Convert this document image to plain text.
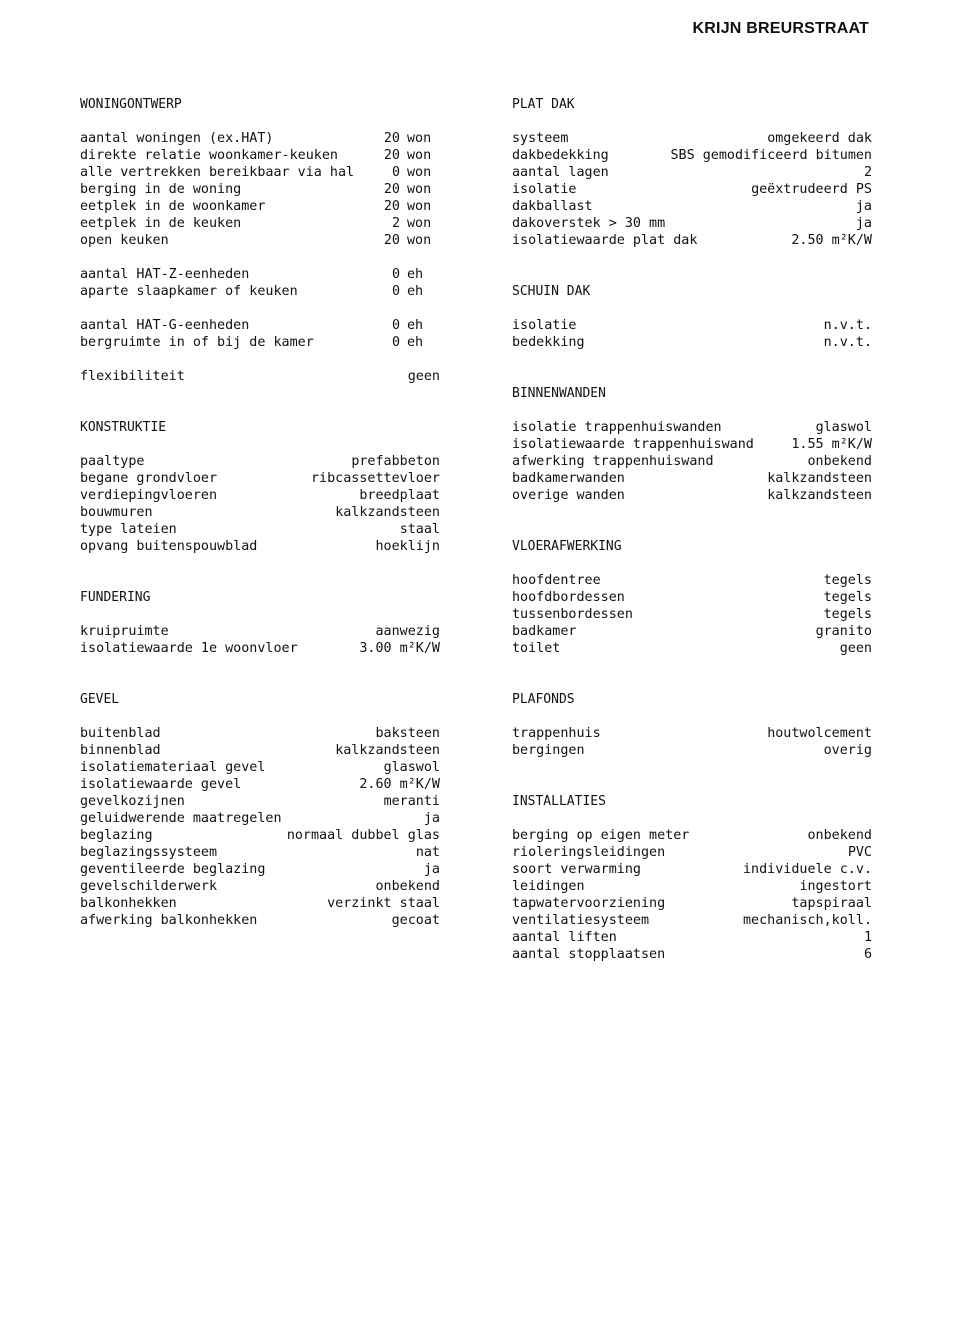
KRIJN BREURSTRAAT
WONINGONTWERP
aantal woningen (ex.HAT)	20 won
direkte relatie woonkamer-keuken	20 won
alle vertrekken bereikbaar via hal	0 won
berging in de woning	20 won
eetplek in de woonkamer	20 won
eetplek in de keuken	2 won
open keuken	20 won
aantal HAT-Z-eenheden	0 eh
aparte slaapkamer of keuken	0 eh
aantal HAT-G-eenheden	0 eh
bergruimte in of bij de kamer	0 eh
flexibiliteit	geen
KONSTRUKTIE
paaltype	prefabbeton
begane grondvloer	ribcassettevloer
verdiepingvloeren	breedplaat
bouwmuren	kalkzandsteen
type lateien	staal
opvang buitenspouwblad	hoeklijn
FUNDERING
kruipruimte	aanwezig
isolatiewaarde 1e woonvloer	3.00 m²K/W
GEVEL
buitenblad	baksteen
binnenblad	kalkzandsteen
isolatiemateriaal gevel	glaswol
isolatiewaarde gevel	2.60 m²K/W
gevelkozijnen	meranti
geluidwerende maatregelen	ja
beglazing	normaal dubbel glas
beglazingssysteem	nat
geventileerde beglazing	ja
gevelschilderwerk	onbekend
balkonhekken	verzinkt staal
afwerking balkonhekken	gecoat
PLAT DAK
systeem	omgekeerd dak
dakbedekking	SBS gemodificeerd bitumen
aantal lagen	2
isolatie	geëxtrudeerd PS
dakballast	ja
dakoverstek > 30 mm	ja
isolatiewaarde plat dak	2.50 m²K/W
SCHUIN DAK
isolatie	n.v.t.
bedekking	n.v.t.
BINNENWANDEN
isolatie trappenhuiswanden	glaswol
isolatiewaarde trappenhuiswand	1.55 m²K/W
afwerking trappenhuiswand	onbekend
badkamerwanden	kalkzandsteen
overige wanden	kalkzandsteen
VLOERAFWERKING
hoofdentree	tegels
hoofdbordessen	tegels
tussenbordessen	tegels
badkamer	granito
toilet	geen
PLAFONDS
trappenhuis	houtwolcement
bergingen	overig
INSTALLATIES
berging op eigen meter	onbekend
rioleringsleidingen	PVC
soort verwarming	individuele c.v.
leidingen	ingestort
tapwatervoorziening	tapspiraal
ventilatiesysteem	mechanisch,koll.
aantal liften	1
aantal stopplaatsen	6
